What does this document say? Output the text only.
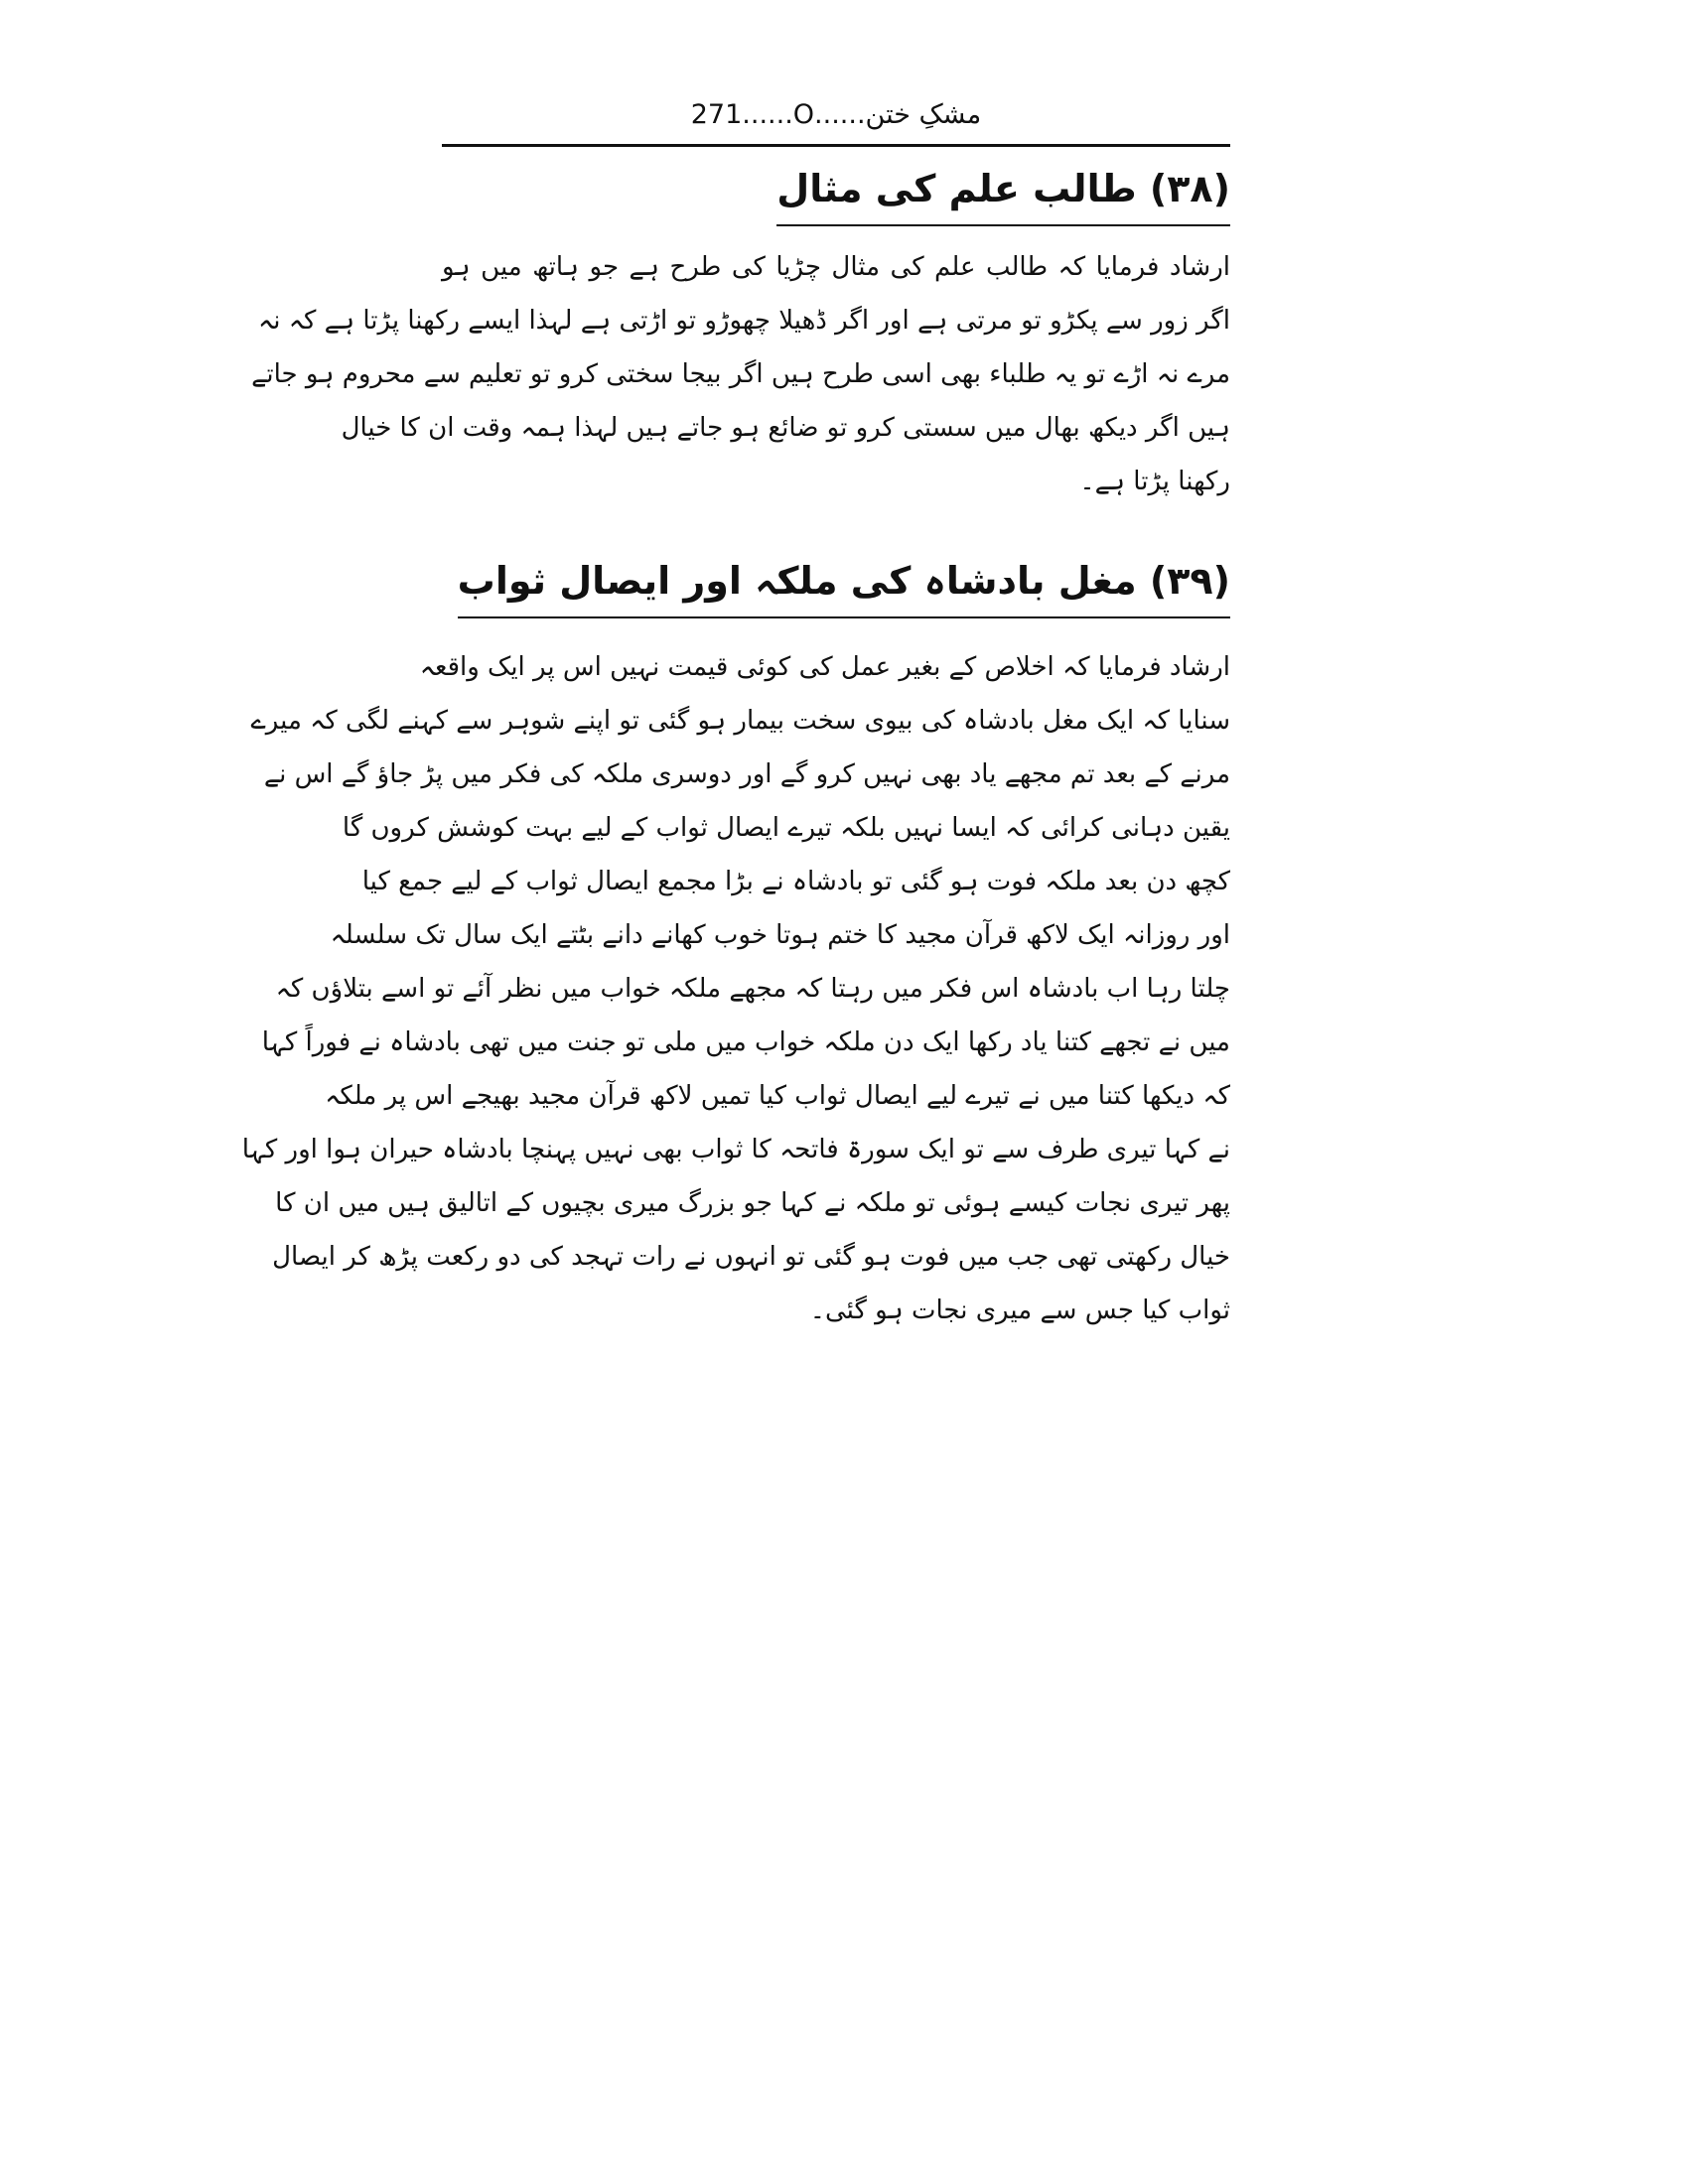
مشکِ ختن......O......271
(۳۸) طالب علم کی مثال
ارشاد فرمایا کہ طالب علم کی مثال چڑیا کی طرح ہے جو ہاتھ میں ہو
اگر زور سے پکڑو تو مرتی ہے اور اگر ڈھیلا چھوڑو تو اڑتی ہے لہذا ایسے رکھنا پڑتا ہے کہ نہ
مرے نہ اڑے تو یہ طلباء بھی اسی طرح ہیں اگر بیجا سختی کرو تو تعلیم سے محروم ہو جاتے
ہیں اگر دیکھ بھال میں سستی کرو تو ضائع ہو جاتے ہیں لہذا ہمہ وقت ان کا خیال
رکھنا پڑتا ہے۔
(۳۹) مغل بادشاہ کی ملکہ اور ایصال ثواب
ارشاد فرمایا کہ اخلاص کے بغیر عمل کی کوئی قیمت نہیں اس پر ایک واقعہ
سنایا کہ ایک مغل بادشاہ کی بیوی سخت بیمار ہو گئی تو اپنے شوہر سے کہنے لگی کہ میرے
مرنے کے بعد تم مجھے یاد بھی نہیں کرو گے اور دوسری ملکہ کی فکر میں پڑ جاؤ گے اس نے
یقین دہانی کرائی کہ ایسا نہیں بلکہ تیرے ایصال ثواب کے لیے بہت کوشش کروں گا
کچھ دن بعد ملکہ فوت ہو گئی تو بادشاہ نے بڑا مجمع ایصال ثواب کے لیے جمع کیا
اور روزانہ ایک لاکھ قرآن مجید کا ختم ہوتا خوب کھانے دانے بٹتے ایک سال تک سلسلہ
چلتا رہا اب بادشاہ اس فکر میں رہتا کہ مجھے ملکہ خواب میں نظر آئے تو اسے بتلاؤں کہ
میں نے تجھے کتنا یاد رکھا ایک دن ملکہ خواب میں ملی تو جنت میں تھی بادشاہ نے فوراً کہا
کہ دیکھا کتنا میں نے تیرے لیے ایصال ثواب کیا تمیں لاکھ قرآن مجید بھیجے اس پر ملکہ
نے کہا تیری طرف سے تو ایک سورۃ فاتحہ کا ثواب بھی نہیں پہنچا بادشاہ حیران ہوا اور کہا
پھر تیری نجات کیسے ہوئی تو ملکہ نے کہا جو بزرگ میری بچیوں کے اتالیق ہیں میں ان کا
خیال رکھتی تھی جب میں فوت ہو گئی تو انہوں نے رات تہجد کی دو رکعت پڑھ کر ایصال
ثواب کیا جس سے میری نجات ہو گئی۔
